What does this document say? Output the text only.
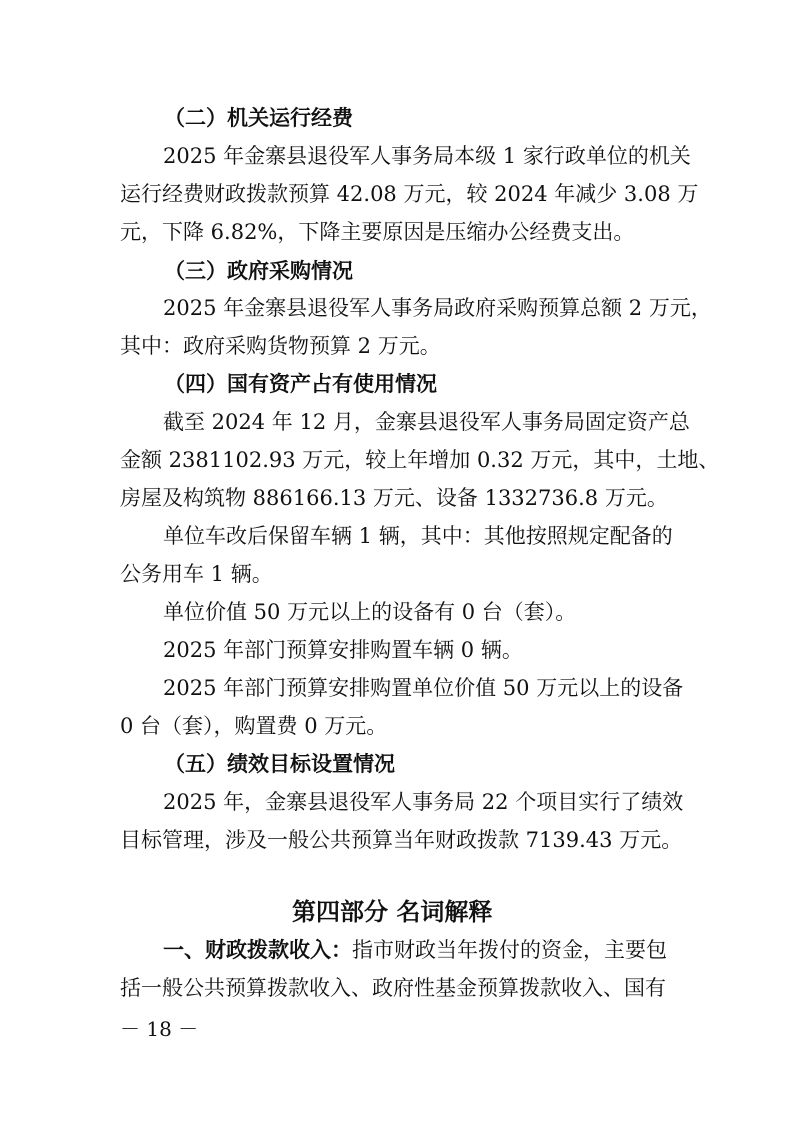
（二）机关运行经费
2025 年金寨县退役军人事务局本级 1 家行政单位的机关
运行经费财政拨款预算 42.08 万元，较 2024 年减少 3.08 万
元，下降 6.82%，下降主要原因是压缩办公经费支出。
（三）政府采购情况
2025 年金寨县退役军人事务局政府采购预算总额 2 万元，
其中：政府采购货物预算 2 万元。
（四）国有资产占有使用情况
截至 2024 年 12 月，金寨县退役军人事务局固定资产总
金额 2381102.93 万元，较上年增加 0.32 万元，其中，土地、
房屋及构筑物 886166.13 万元、设备 1332736.8 万元。
单位车改后保留车辆 1 辆，其中：其他按照规定配备的
公务用车 1 辆。
单位价值 50 万元以上的设备有 0 台（套）。
2025 年部门预算安排购置车辆 0 辆。
2025 年部门预算安排购置单位价值 50 万元以上的设备
0 台（套），购置费 0 万元。
（五）绩效目标设置情况
2025 年，金寨县退役军人事务局 22 个项目实行了绩效
目标管理，涉及一般公共预算当年财政拨款 7139.43 万元。
第四部分 名词解释
一、财政拨款收入：指市财政当年拨付的资金，主要包
括一般公共预算拨款收入、政府性基金预算拨款收入、国有
－ 18 －
